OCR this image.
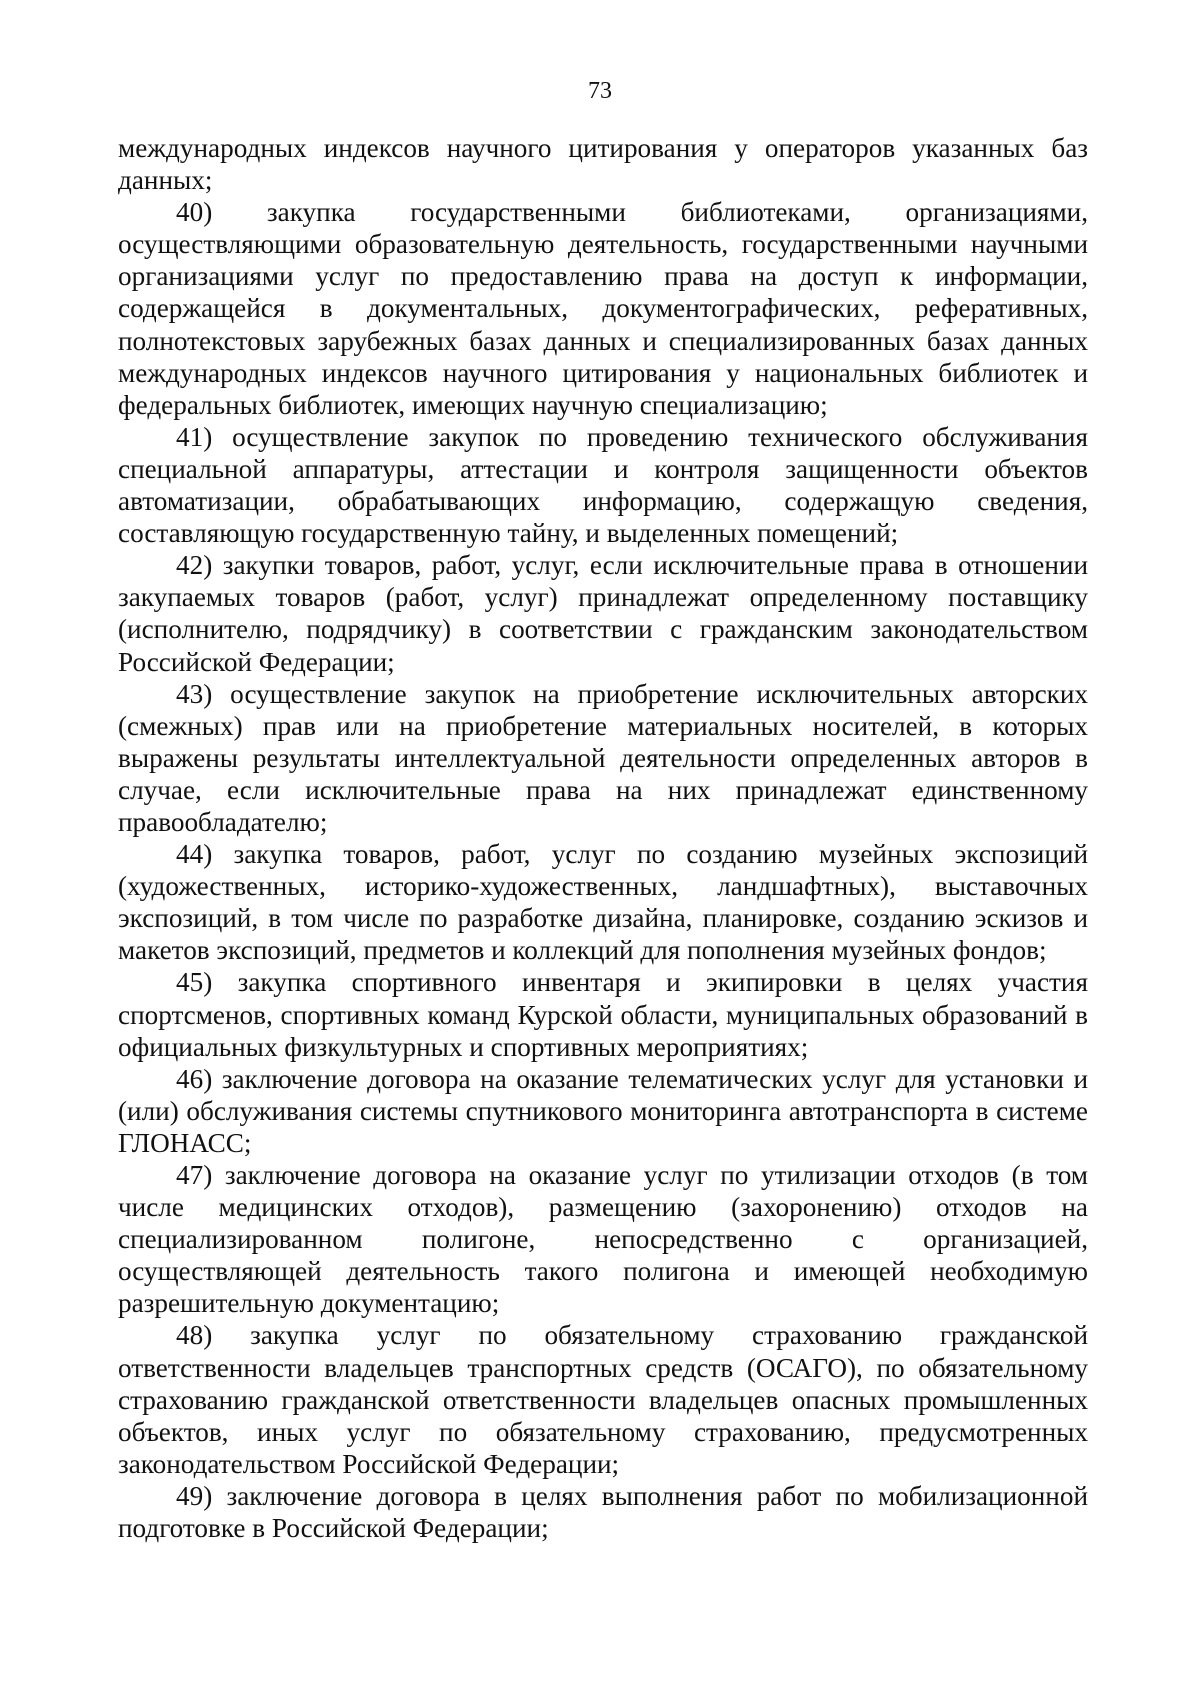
73

международных индексов научного цитирования у операторов указанных баз данных;

40) закупка государственными библиотеками, организациями, осуществляющими образовательную деятельность, государственными научными организациями услуг по предоставлению права на доступ к информации, содержащейся в документальных, документографических, реферативных, полнотекстовых зарубежных базах данных и специализированных базах данных международных индексов научного цитирования у национальных библиотек и федеральных библиотек, имеющих научную специализацию;

41) осуществление закупок по проведению технического обслуживания специальной аппаратуры, аттестации и контроля защищенности объектов автоматизации, обрабатывающих информацию, содержащую сведения, составляющую государственную тайну, и выделенных помещений;

42) закупки товаров, работ, услуг, если исключительные права в отношении закупаемых товаров (работ, услуг) принадлежат определенному поставщику (исполнителю, подрядчику) в соответствии с гражданским законодательством Российской Федерации;

43) осуществление закупок на приобретение исключительных авторских (смежных) прав или на приобретение материальных носителей, в которых выражены результаты интеллектуальной деятельности определенных авторов в случае, если исключительные права на них принадлежат единственному правообладателю;

44) закупка товаров, работ, услуг по созданию музейных экспозиций (художественных, историко-художественных, ландшафтных), выставочных экспозиций, в том числе по разработке дизайна, планировке, созданию эскизов и макетов экспозиций, предметов и коллекций для пополнения музейных фондов;

45) закупка спортивного инвентаря и экипировки в целях участия спортсменов, спортивных команд Курской области, муниципальных образований в официальных физкультурных и спортивных мероприятиях;

46) заключение договора на оказание телематических услуг для установки и (или) обслуживания системы спутникового мониторинга автотранспорта в системе ГЛОНАСС;

47) заключение договора на оказание услуг по утилизации отходов (в том числе медицинских отходов), размещению (захоронению) отходов на специализированном полигоне, непосредственно с организацией, осуществляющей деятельность такого полигона и имеющей необходимую разрешительную документацию;

48) закупка услуг по обязательному страхованию гражданской ответственности владельцев транспортных средств (ОСАГО), по обязательному страхованию гражданской ответственности владельцев опасных промышленных объектов, иных услуг по обязательному страхованию, предусмотренных законодательством Российской Федерации;

49) заключение договора в целях выполнения работ по мобилизационной подготовке в Российской Федерации;
